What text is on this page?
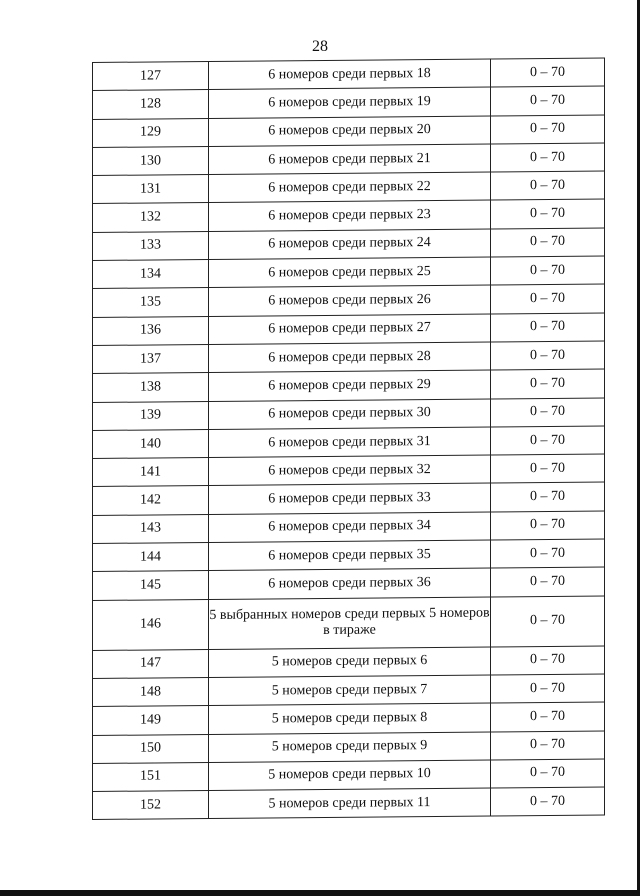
28
127	6 номеров среди первых 18	0 – 70
128	6 номеров среди первых 19	0 – 70
129	6 номеров среди первых 20	0 – 70
130	6 номеров среди первых 21	0 – 70
131	6 номеров среди первых 22	0 – 70
132	6 номеров среди первых 23	0 – 70
133	6 номеров среди первых 24	0 – 70
134	6 номеров среди первых 25	0 – 70
135	6 номеров среди первых 26	0 – 70
136	6 номеров среди первых 27	0 – 70
137	6 номеров среди первых 28	0 – 70
138	6 номеров среди первых 29	0 – 70
139	6 номеров среди первых 30	0 – 70
140	6 номеров среди первых 31	0 – 70
141	6 номеров среди первых 32	0 – 70
142	6 номеров среди первых 33	0 – 70
143	6 номеров среди первых 34	0 – 70
144	6 номеров среди первых 35	0 – 70
145	6 номеров среди первых 36	0 – 70
146	5 выбранных номеров среди первых 5 номеров в тираже	0 – 70
147	5 номеров среди первых 6	0 – 70
148	5 номеров среди первых 7	0 – 70
149	5 номеров среди первых 8	0 – 70
150	5 номеров среди первых 9	0 – 70
151	5 номеров среди первых 10	0 – 70
152	5 номеров среди первых 11	0 – 70
